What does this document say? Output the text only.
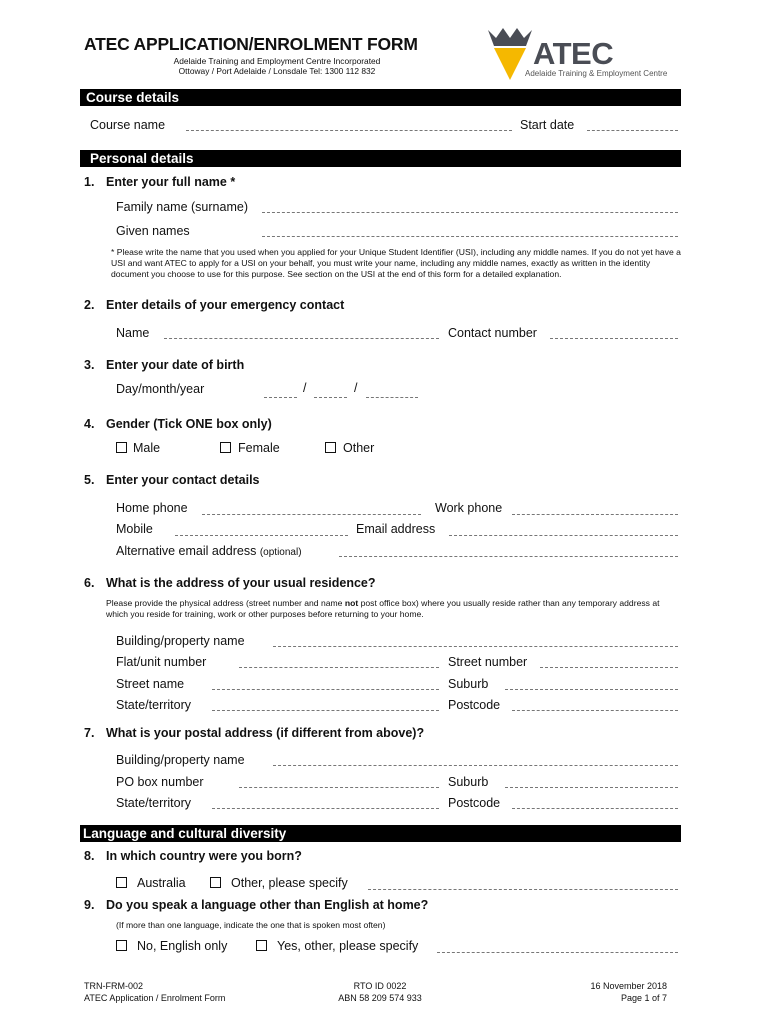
ATEC APPLICATION/ENROLMENT FORM
Adelaide Training and Employment Centre Incorporated
Ottoway / Port Adelaide / Lonsdale Tel: 1300 112 832	ATEC
Adelaide Training & Employment Centre
Course details
Course name	Start date
Personal details
1. Enter your full name *
Family name (surname)
Given names
* Please write the name that you used when you applied for your Unique Student Identifier (USI), including any middle names. If you do not yet have a USI and want ATEC to apply for a USI on your behalf, you must write your name, including any middle names, exactly as written in the identity document you choose to use for this purpose. See section on the USI at the end of this form for a detailed explanation.
2. Enter details of your emergency contact
Name	Contact number
3. Enter your date of birth
Day/month/year	/	/
4. Gender (Tick ONE box only)
Male	Female	Other
5. Enter your contact details
Home phone	Work phone
Mobile	Email address
Alternative email address (optional)
6. What is the address of your usual residence?
Please provide the physical address (street number and name not post office box) where you usually reside rather than any temporary address at which you reside for training, work or other purposes before returning to your home.
Building/property name
Flat/unit number	Street number
Street name	Suburb
State/territory	Postcode
7. What is your postal address (if different from above)?
Building/property name
PO box number	Suburb
State/territory	Postcode
Language and cultural diversity
8. In which country were you born?
Australia	Other, please specify
9. Do you speak a language other than English at home?
(If more than one language, indicate the one that is spoken most often)
No, English only	Yes, other, please specify
TRN-FRM-002
ATEC Application / Enrolment Form
RTO ID 0022
ABN 58 209 574 933
16 November 2018
Page 1 of 7
